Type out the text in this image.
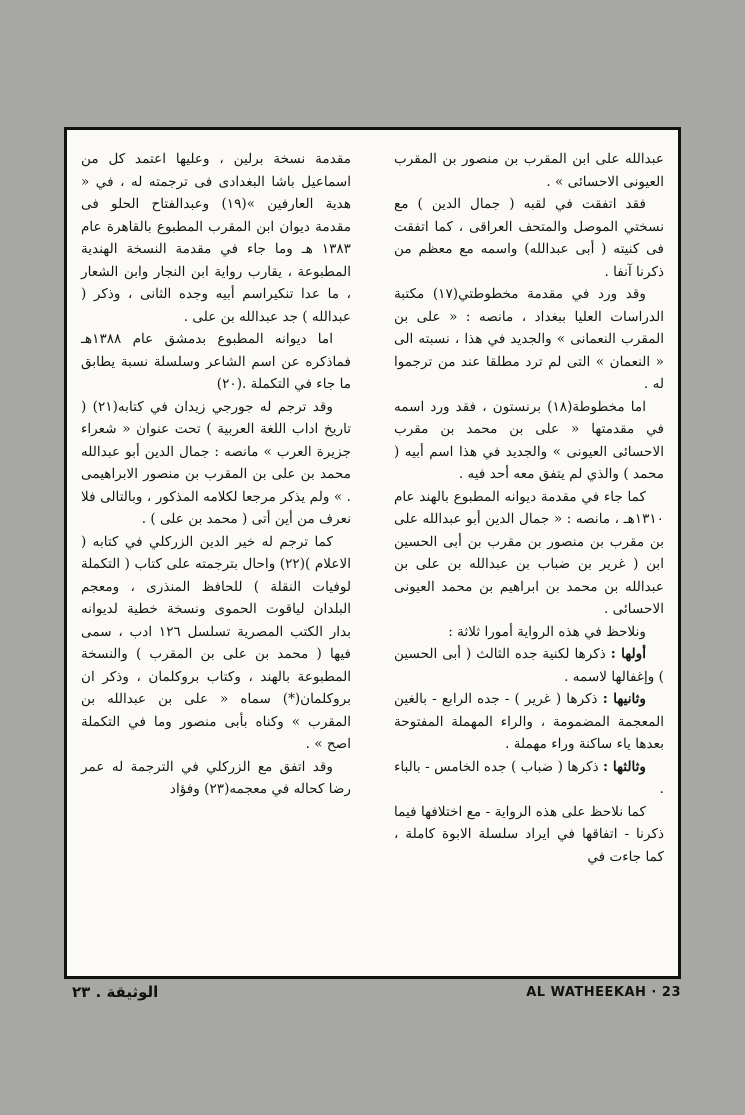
عبدالله على ابن المقرب بن منصور بن المقرب العيونى الاحسائى » .

فقد اتفقت في لقبه ( جمال الدين ) مع نسختي الموصل والمتحف العراقى ، كما اتفقت فى كنيته ( أبى عبدالله) واسمه مع معظم من ذكرنا آنفا .

وقد ورد في مقدمة مخطوطتي(١٧) مكتبة الدراسات العليا ببغداد ، مانصه : « على بن المقرب النعمانى » والجديد في هذا ، نسبته الى « النعمان » التى لم ترد مطلقا عند من ترجموا له .

اما مخطوطة(١٨) برنستون ، فقد ورد اسمه في مقدمتها « على بن محمد بن مقرب الاحسائى العيونى » والجديد في هذا اسم أبيه ( محمد ) والذي لم يتفق معه أحد فيه .

كما جاء في مقدمة ديوانه المطبوع بالهند عام ١٣١٠هـ ، مانصه : « جمال الدين أبو عبدالله على بن مقرب بن منصور بن مقرب بن أبى الحسين ابن ( غرير بن ضباب بن عبدالله بن على بن عبدالله بن محمد بن ابراهيم بن محمد العيونى الاحسائى .

ونلاحظ في هذه الرواية أمورا ثلاثة :

أولها : ذكرها لكنية جده الثالث ( أبى الحسين ) وإغفالها لاسمه .

وثانيها : ذكرها ( غرير ) - جده الرابع - بالغين المعجمة المضمومة ، والراء المهملة المفتوحة بعدها ياء ساكنة وراء مهملة .

وثالثها : ذكرها ( ضباب ) جده الخامس - بالباء .

كما نلاحظ على هذه الرواية - مع اختلافها فيما ذكرنا - اتفاقها في ايراد سلسلة الابوة كاملة ، كما جاءت في

مقدمة نسخة برلين ، وعليها اعتمد كل من اسماعيل باشا البغدادى فى ترجمته له ، في « هدية العارفين »(١٩) وعبدالفتاح الحلو فى مقدمة ديوان ابن المقرب المطبوع بالقاهرة عام ١٣٨٣ هـ وما جاء في مقدمة النسخة الهندية المطبوعة ، يقارب رواية ابن النجار وابن الشعار ، ما عدا تنكيراسم أبيه وجده الثانى ، وذكر ( عبدالله ) جد عبدالله بن على .

اما ديوانه المطبوع بدمشق عام ١٣٨٨هـ فماذكره عن اسم الشاعر وسلسلة نسبة يطابق ما جاء في التكملة .(٢٠)

وقد ترجم له جورجي زيدان في كتابه(٢١) ( تاريخ اداب اللغة العربية ) تحت عنوان « شعراء جزيرة العرب » مانصه : جمال الدين أبو عبدالله محمد بن على بن المقرب بن منصور الابراهيمى . » ولم يذكر مرجعا لكلامه المذكور ، وبالتالى فلا نعرف من أين أتى ( محمد بن على ) .

كما ترجم له خير الدين الزركلي في كتابه ( الاعلام )(٢٢) واحال بترجمته على كتاب ( التكملة لوفيات النقلة ) للحافظ المنذرى ، ومعجم البلدان لياقوت الحموى ونسخة خطية لديوانه بدار الكتب المصرية تسلسل ١٢٦ ادب ، سمى فيها ( محمد بن على بن المقرب ) والنسخة المطبوعة بالهند ، وكتاب بروكلمان ، وذكر ان بروكلمان(*) سماه « على بن عبدالله بن المقرب » وكناه بأبى منصور وما في التكملة اصح » .

وقد اتفق مع الزركلي في الترجمة له عمر رضا كحاله في معجمه(٢٣) وفؤاد

الوثيقة . ٢٣	AL WATHEEKAH · 23
